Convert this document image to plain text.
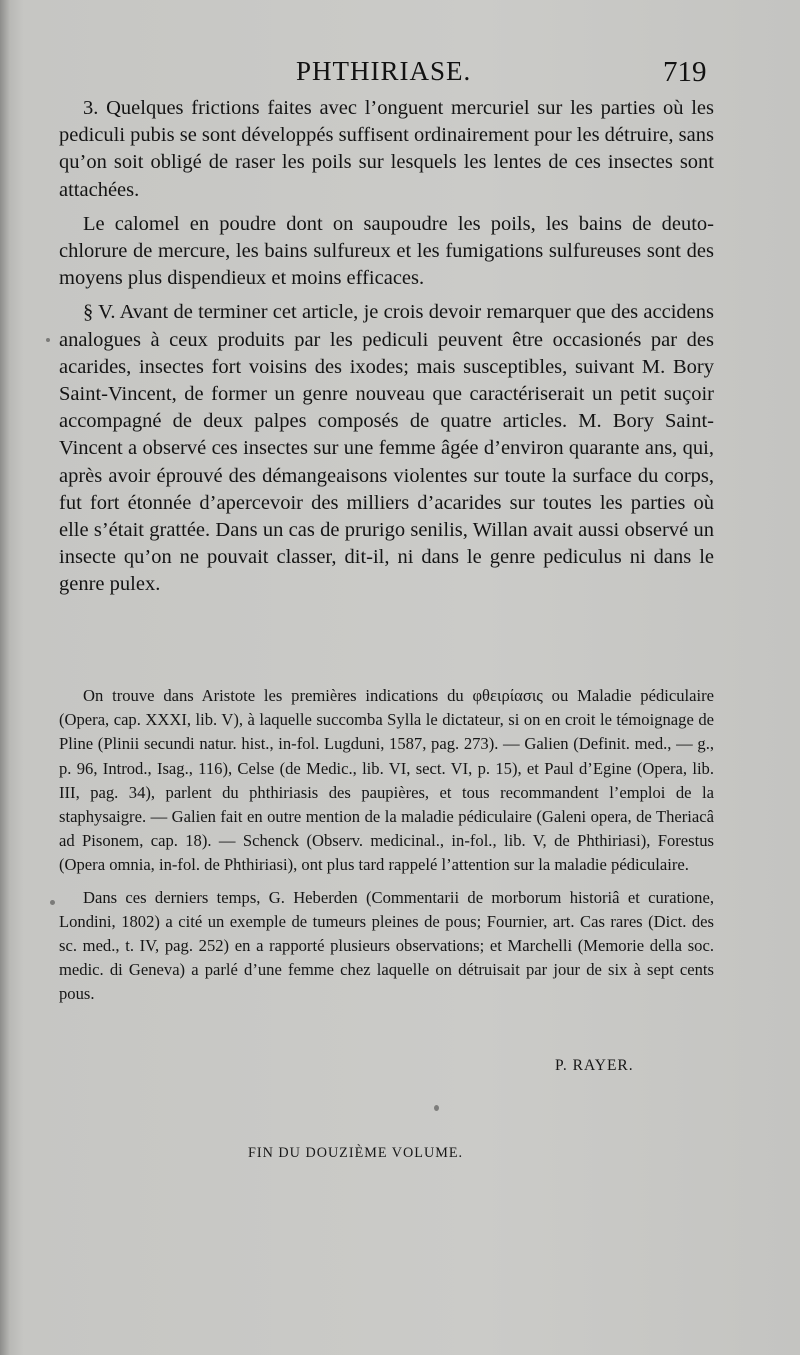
PHTHIRIASE.	719

3. Quelques frictions faites avec l’onguent mercuriel sur les parties où les pediculi pubis se sont développés suffisent ordinairement pour les détruire, sans qu’on soit obligé de raser les poils sur lesquels les lentes de ces insectes sont attachées.

Le calomel en poudre dont on saupoudre les poils, les bains de deuto-chlorure de mercure, les bains sulfureux et les fumigations sulfureuses sont des moyens plus dispendieux et moins efficaces.

§ V. Avant de terminer cet article, je crois devoir remarquer que des accidens analogues à ceux produits par les pediculi peuvent être occasionés par des acarides, insectes fort voisins des ixodes; mais susceptibles, suivant M. Bory Saint-Vincent, de former un genre nouveau que caractériserait un petit suçoir accompagné de deux palpes composés de quatre articles. M. Bory Saint-Vincent a observé ces insectes sur une femme âgée d’environ quarante ans, qui, après avoir éprouvé des démangeaisons violentes sur toute la surface du corps, fut fort étonnée d’apercevoir des milliers d’acarides sur toutes les parties où elle s’était grattée. Dans un cas de prurigo senilis, Willan avait aussi observé un insecte qu’on ne pouvait classer, dit-il, ni dans le genre pediculus ni dans le genre pulex.

On trouve dans Aristote les premières indications du φθειρίασις ou Maladie pédiculaire (Opera, cap. XXXI, lib. V), à laquelle succomba Sylla le dictateur, si on en croit le témoignage de Pline (Plinii secundi natur. hist., in-fol. Lugduni, 1587, pag. 273). — Galien (Definit. med., — g., p. 96, Introd., Isag., 116), Celse (de Medic., lib. VI, sect. VI, p. 15), et Paul d’Egine (Opera, lib. III, pag. 34), parlent du phthiriasis des paupières, et tous recommandent l’emploi de la staphysaigre. — Galien fait en outre mention de la maladie pédiculaire (Galeni opera, de Theriacâ ad Pisonem, cap. 18). — Schenck (Observ. medicinal., in-fol., lib. V, de Phthiriasi), Forestus (Opera omnia, in-fol. de Phthiriasi), ont plus tard rappelé l’attention sur la maladie pédiculaire.

Dans ces derniers temps, G. Heberden (Commentarii de morborum historiâ et curatione, Londini, 1802) a cité un exemple de tumeurs pleines de pous; Fournier, art. Cas rares (Dict. des sc. med., t. IV, pag. 252) en a rapporté plusieurs observations; et Marchelli (Memorie della soc. medic. di Geneva) a parlé d’une femme chez laquelle on détruisait par jour de six à sept cents pous.

P. RAYER.
FIN DU DOUZIÈME VOLUME.
